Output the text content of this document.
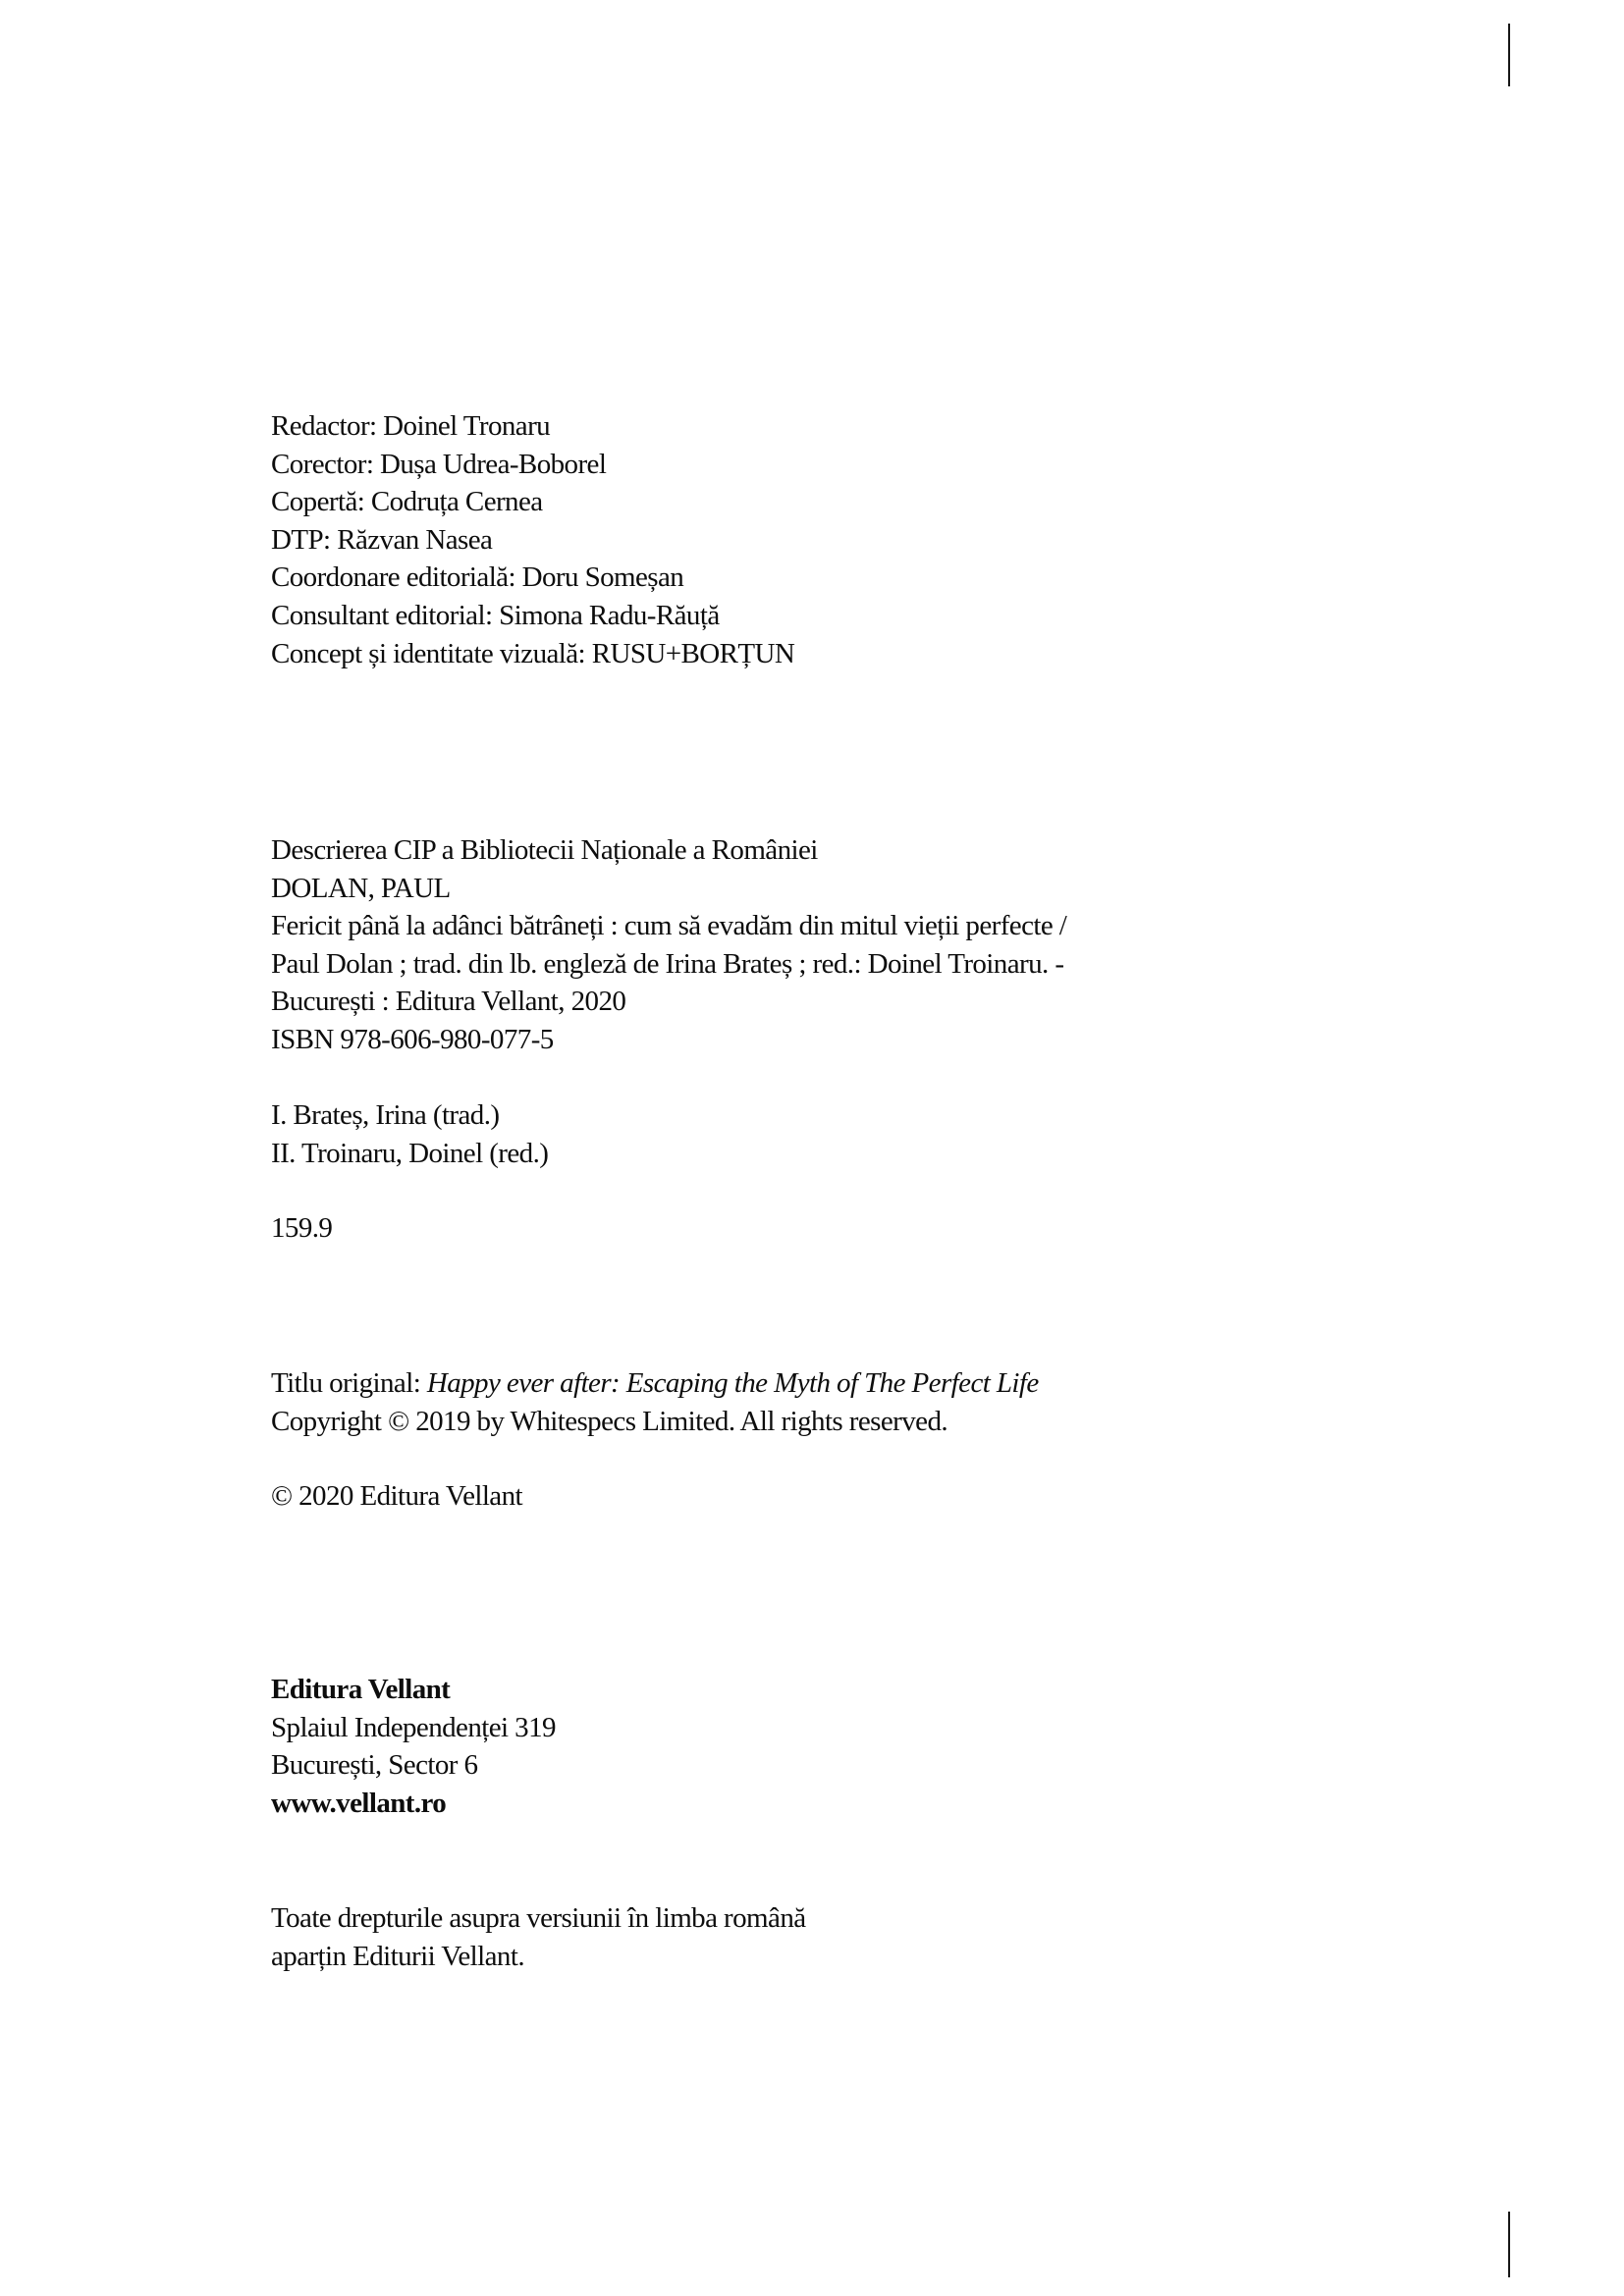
Redactor: Doinel Tronaru
Corector: Dușa Udrea-Boborel
Copertă: Codruța Cernea
DTP: Răzvan Nasea
Coordonare editorială: Doru Someșan
Consultant editorial: Simona Radu-Răuță
Concept și identitate vizuală: RUSU+BORȚUN
Descrierea CIP a Bibliotecii Naționale a României
DOLAN, PAUL
Fericit până la adânci bătrâneți : cum să evadăm din mitul vieții perfecte /
Paul Dolan ; trad. din lb. engleză de Irina Brateș ; red.: Doinel Troinaru. -
București : Editura Vellant, 2020
ISBN 978-606-980-077-5
I. Brateș, Irina (trad.)
II. Troinaru, Doinel (red.)
159.9
Titlu original: Happy ever after: Escaping the Myth of The Perfect Life
Copyright © 2019 by Whitespecs Limited. All rights reserved.
© 2020 Editura Vellant
Editura Vellant
Splaiul Independenței 319
București, Sector 6
www.vellant.ro
Toate drepturile asupra versiunii în limba română
aparțin Editurii Vellant.
